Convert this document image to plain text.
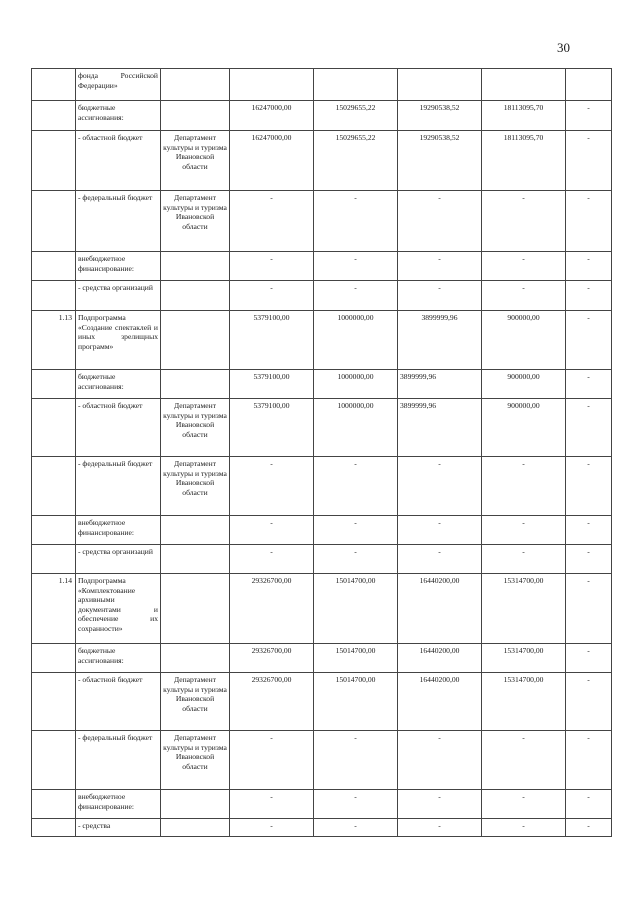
30
	фонда Российской Федерации»						
	бюджетные ассигнования:		16247000,00	15029655,22	19290538,52	18113095,70	-
	- областной бюджет	Департамент культуры и туризма Ивановской области	16247000,00	15029655,22	19290538,52	18113095,70	-
	- федеральный бюджет	Департамент культуры и туризма Ивановской области	-	-	-	-	-
	внебюджетное финансирование:		-	-	-	-	-
	- средства организаций		-	-	-	-	-
1.13	Подпрограмма «Создание спектаклей и иных зрелищных программ»		5379100,00	1000000,00	3899999,96	900000,00	-
	бюджетные ассигнования:		5379100,00	1000000,00	3899999,96	900000,00	-
	- областной бюджет	Департамент культуры и туризма Ивановской области	5379100,00	1000000,00	3899999,96	900000,00	-
	- федеральный бюджет	Департамент культуры и туризма Ивановской области	-	-	-	-	-
	внебюджетное финансирование:		-	-	-	-	-
	- средства организаций		-	-	-	-	-
1.14	Подпрограмма «Комплектование архивными документами и обеспечение их сохранности»		29326700,00	15014700,00	16440200,00	15314700,00	-
	бюджетные ассигнования:		29326700,00	15014700,00	16440200,00	15314700,00	-
	- областной бюджет	Департамент культуры и туризма Ивановской области	29326700,00	15014700,00	16440200,00	15314700,00	-
	- федеральный бюджет	Департамент культуры и туризма Ивановской области	-	-	-	-	-
	внебюджетное финансирование:		-	-	-	-	-
	- средства		-	-	-	-	-
